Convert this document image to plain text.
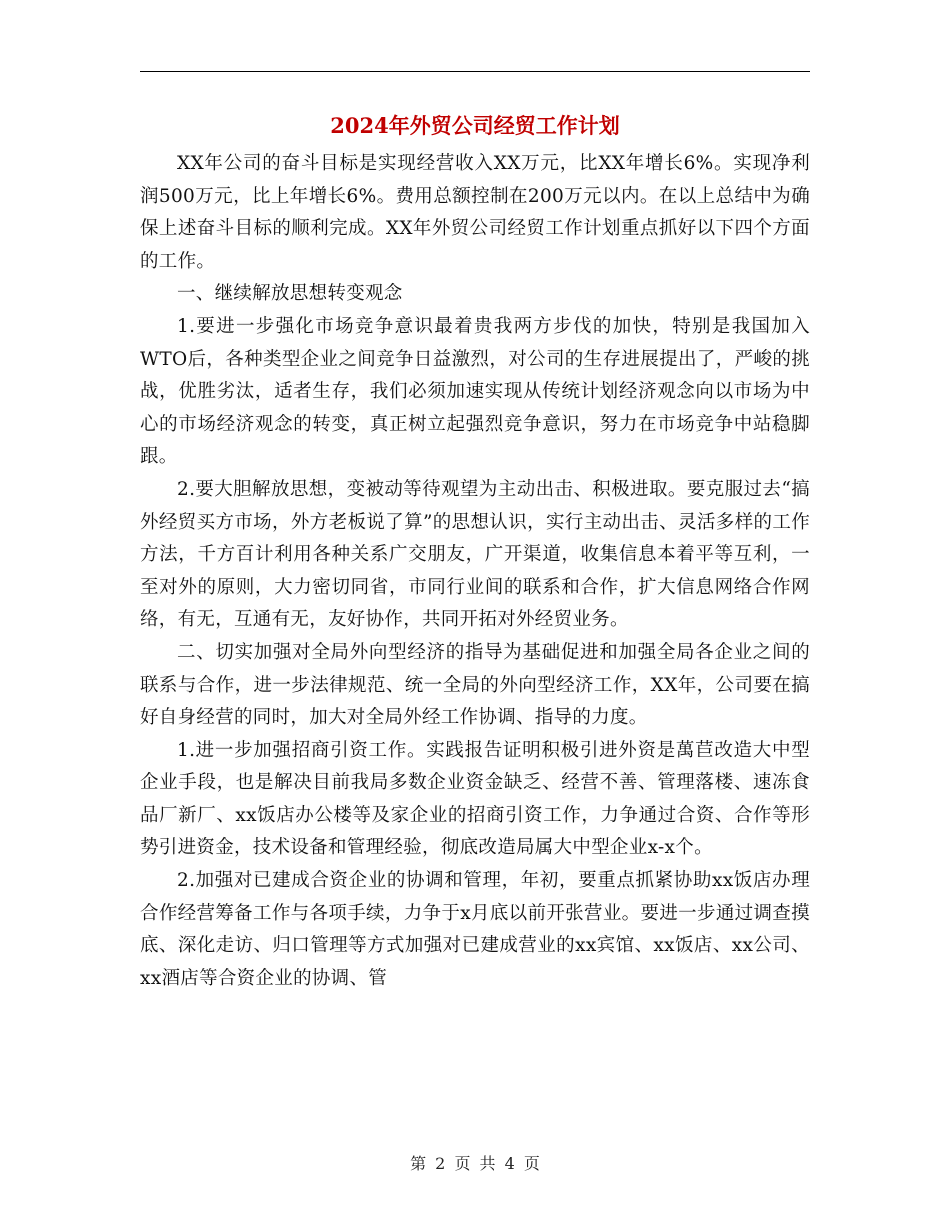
2024年外贸公司经贸工作计划

XX年公司的奋斗目标是实现经营收入XX万元，比XX年增长6%。实现净利润500万元，比上年增长6%。费用总额控制在200万元以内。在以上总结中为确保上述奋斗目标的顺利完成。XX年外贸公司经贸工作计划重点抓好以下四个方面的工作。

一、继续解放思想转变观念

1.要进一步强化市场竞争意识最着贵我两方步伐的加快，特别是我国加入WTO后，各种类型企业之间竞争日益激烈，对公司的生存进展提出了，严峻的挑战，优胜劣汰，适者生存，我们必须加速实现从传统计划经济观念向以市场为中心的市场经济观念的转变，真正树立起强烈竞争意识，努力在市场竞争中站稳脚跟。

2.要大胆解放思想，变被动等待观望为主动出击、积极进取。要克服过去“搞外经贸买方市场，外方老板说了算”的思想认识，实行主动出击、灵活多样的工作方法，千方百计利用各种关系广交朋友，广开渠道，收集信息本着平等互利，一至对外的原则，大力密切同省，市同行业间的联系和合作，扩大信息网络合作网络，有无，互通有无，友好协作，共同开拓对外经贸业务。

二、切实加强对全局外向型经济的指导为基础促进和加强全局各企业之间的联系与合作，进一步法律规范、统一全局的外向型经济工作，XX年，公司要在搞好自身经营的同时，加大对全局外经工作协调、指导的力度。

1.进一步加强招商引资工作。实践报告证明积极引进外资是萬苣改造大中型企业手段，也是解决目前我局多数企业资金缺乏、经营不善、管理落楼、速冻食品厂新厂、xx饭店办公楼等及家企业的招商引资工作，力争通过合资、合作等形势引进资金，技术设备和管理经验，彻底改造局属大中型企业x-x个。

2.加强对已建成合资企业的协调和管理，年初，要重点抓紧协助xx饭店办理合作经营筹备工作与各项手续，力争于x月底以前开张营业。要进一步通过调查摸底、深化走访、归口管理等方式加强对已建成营业的xx宾馆、xx饭店、xx公司、xx酒店等合资企业的协调、管

第 2 页 共 4 页
